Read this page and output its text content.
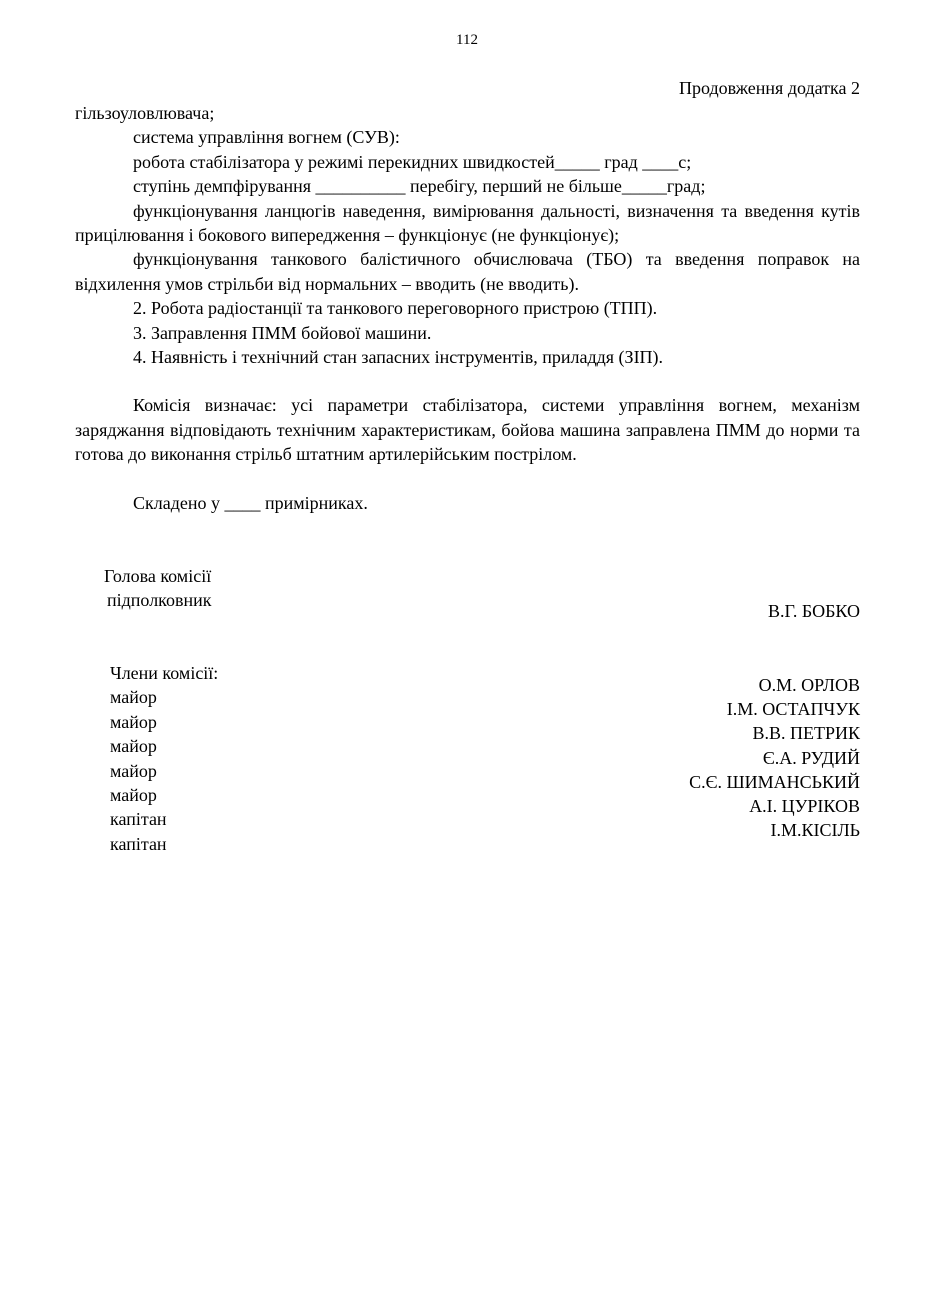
112
Продовження додатка 2

гільзоуловлювача;

система управління вогнем (СУВ):

робота стабілізатора у режимі перекидних швидкостей_____ град ____с;

ступінь демпфірування __________ перебігу, перший не більше_____град;

функціонування ланцюгів наведення, вимірювання дальності, визначення та введення кутів прицілювання і бокового випередження – функціонує (не функціонує);

функціонування танкового балістичного обчислювача (ТБО) та введення поправок на відхилення умов стрільби від нормальних – вводить (не вводить).

2. Робота радіостанції та танкового переговорного пристрою (ТПП).

3. Заправлення ПММ бойової машини.

4. Наявність і технічний стан запасних інструментів, приладдя (ЗІП).

Комісія визначає: усі параметри стабілізатора, системи управління вогнем, механізм заряджання відповідають технічним характеристикам, бойова машина заправлена ПММ до норми та готова до виконання стрільб штатним артилерійським пострілом.

Складено у ____ примірниках.

Голова комісії
підполковник
В.Г. БОБКО
Члени комісії:
майор
майор
майор
майор
майор
капітан
капітан
О.М. ОРЛОВ
І.М. ОСТАПЧУК
В.В. ПЕТРИК
Є.А. РУДИЙ
С.Є. ШИМАНСЬКИЙ
А.І. ЦУРІКОВ
І.М.КІСІЛЬ
